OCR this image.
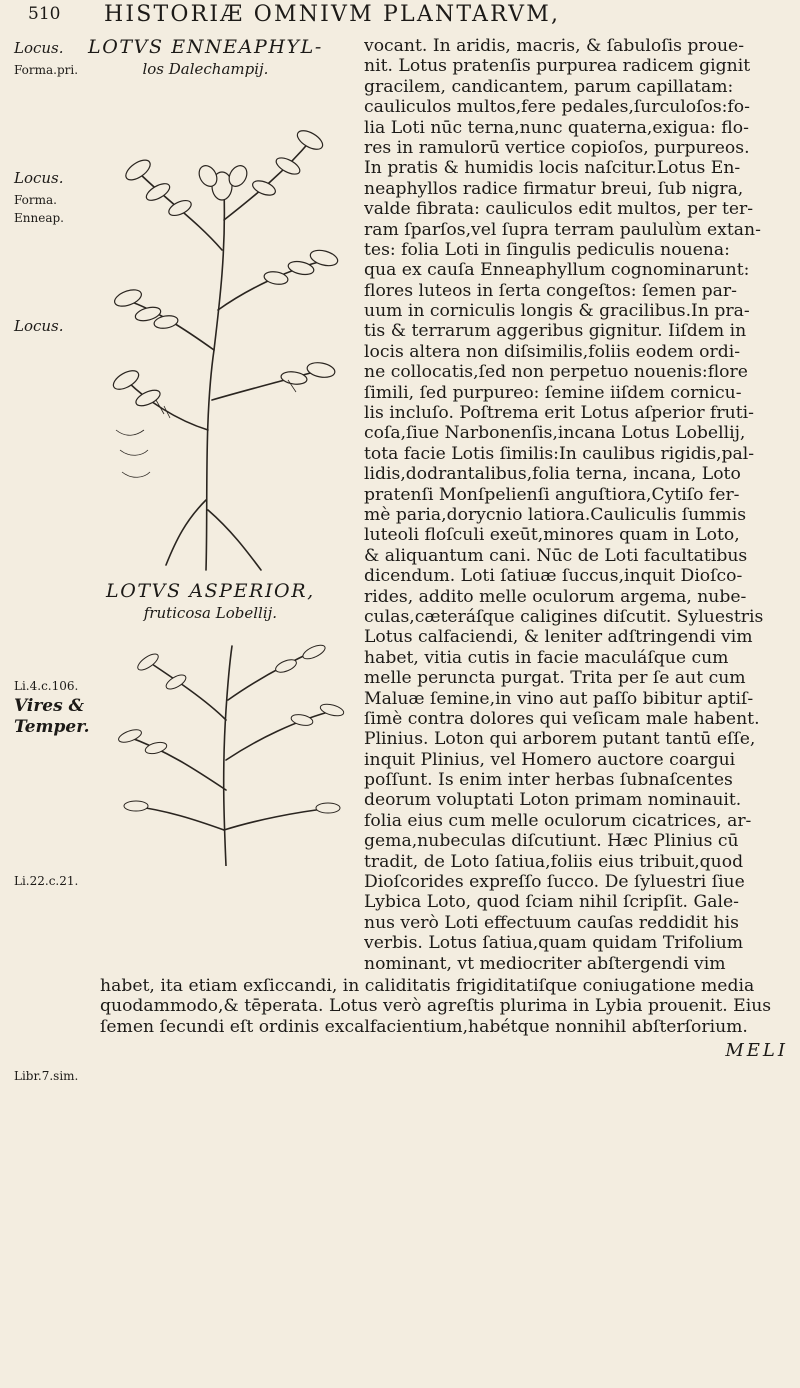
510 HISTORIÆ OMNIVM PLANTARVM,
Locus.
Forma.pri.
Locus.
Forma.
Enneap.
Locus.
Li.4.c.106.
Vires &
Temper.
Li.22.c.21.
Libr.7.sim.
LOTVS ENNEAPHYL-
los Dalechampij.
LOTVS ASPERIOR,
fruticosa Lobellij.
vocant. In aridis, macris, & ſabuloſis proue-
nit. Lotus pratenſis purpurea radicem gignit
gracilem, candicantem, parum capillatam:
cauliculos multos,fere pedales,ſurculoſos:fo-
lia Loti nūc terna,nunc quaterna,exigua: flo-
res in ramulorū vertice copioſos, purpureos.
In pratis & humidis locis naſcitur.Lotus En-
neaphyllos radice firmatur breui, ſub nigra,
valde fibrata: cauliculos edit multos, per ter-
ram ſparſos,vel ſupra terram paululùm extan-
tes: folia Loti in ſingulis pediculis nouena:
qua ex cauſa Enneaphyllum cognominarunt:
flores luteos in ſerta congeſtos: ſemen par-
uum in corniculis longis & gracilibus.In pra-
tis & terrarum aggeribus gignitur. Iiſdem in
locis altera non diſsimilis,foliis eodem ordi-
ne collocatis,ſed non perpetuo nouenis:flore
ſimili, ſed purpureo: ſemine iiſdem cornicu-
lis incluſo. Poſtrema erit Lotus aſperior fruti-
coſa,ſiue Narbonenſis,incana Lotus Lobellij,
tota facie Lotis ſimilis:In caulibus rigidis,pal-
lidis,dodrantalibus,folia terna, incana, Loto
pratenſi Monſpelienſi anguſtiora,Cytiſo fer-
mè paria,dorycnio latiora.Cauliculis ſummis
luteoli floſculi exeūt,minores quam in Loto,
& aliquantum cani. Nūc de Loti facultatibus
dicendum. Loti ſatiuæ ſuccus,inquit Dioſco-
rides, addito melle oculorum argema, nube-
culas,cæteráſque caligines diſcutit. Syluestris
Lotus calfaciendi, & leniter adſtringendi vim
habet, vitia cutis in facie maculáſque cum
melle perunctа purgat. Trita per ſe aut cum
Maluæ ſemine,in vino aut paſſo bibitur aptiſ-
ſimè contra dolores qui veſicam male habent.
Plinius. Loton qui arborem putant tantū eſſe,
inquit Plinius, vel Homero auctore coargui
poſſunt. Is enim inter herbas ſubnaſcentes
deorum voluptati Loton primam nominauit.
folia eius cum melle oculorum cicatrices, ar-
gema,nubeculas diſcutiunt. Hæc Plinius cū
tradit, de Loto ſatiua,foliis eius tribuit,quod
Dioſcorides expreſſo ſucco. De ſyluestri ſiue
Lybica Loto, quod ſciam nihil ſcripſit. Gale-
nus verò Loti effectuum cauſas reddidit his
verbis. Lotus ſatiua,quam quidam Trifolium
nominant, vt mediocriter abſtergendi vim
habet, ita etiam exſiccandi, in caliditatis frigiditatiſque coniugatione media
quodammodo,& tēperata. Lotus verò agreſtis plurima in Lybia prouenit. Eius
ſemen ſecundi eſt ordinis excalfacientium,habétque nonnihil abſterſorium.
MELI
